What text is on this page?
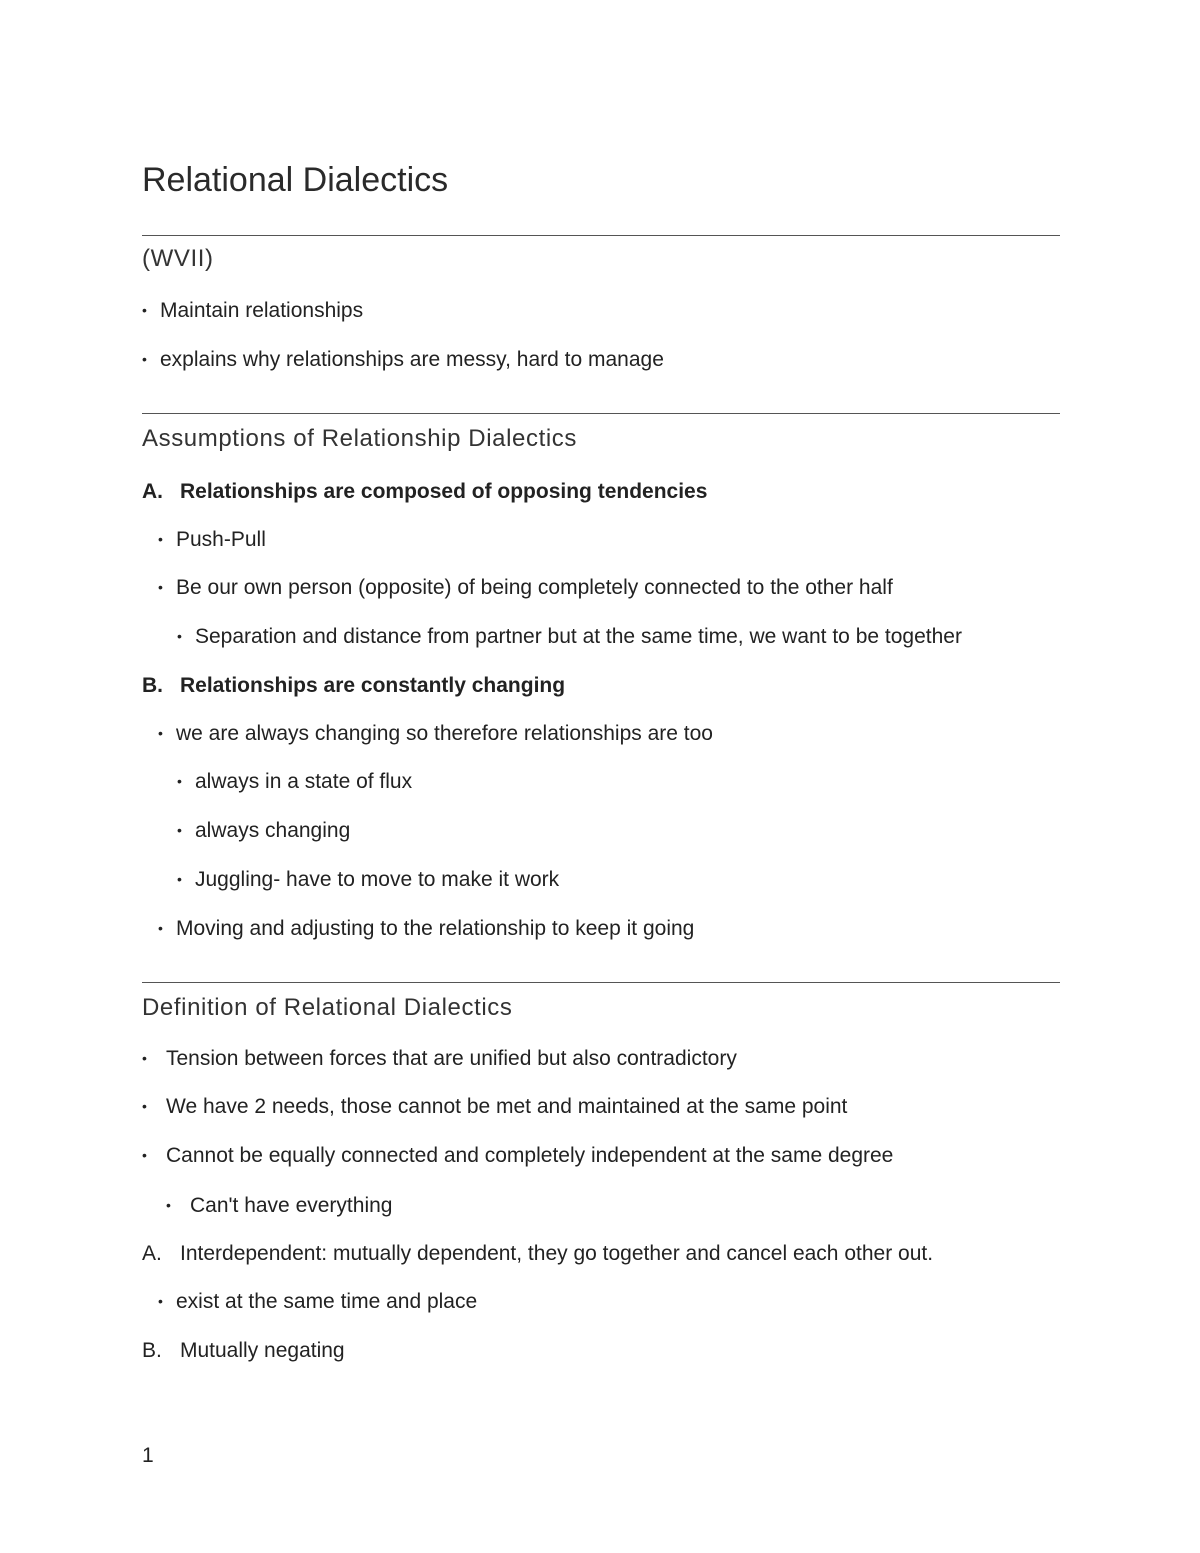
Relational Dialectics
(WVII)
• Maintain relationships
• explains why relationships are messy, hard to manage
Assumptions of Relationship Dialectics
A. Relationships are composed of opposing tendencies
• Push-Pull
• Be our own person (opposite) of being completely connected to the other half
• Separation and distance from partner but at the same time, we want to be together
B. Relationships are constantly changing
• we are always changing so therefore relationships are too
• always in a state of flux
• always changing
• Juggling- have to move to make it work
• Moving and adjusting to the relationship to keep it going
Definition of Relational Dialectics
• Tension between forces that are unified but also contradictory
• We have 2 needs, those cannot be met and maintained at the same point
• Cannot be equally connected and completely independent at the same degree
• Can't have everything
A. Interdependent: mutually dependent, they go together and cancel each other out.
• exist at the same time and place
B. Mutually negating
1
